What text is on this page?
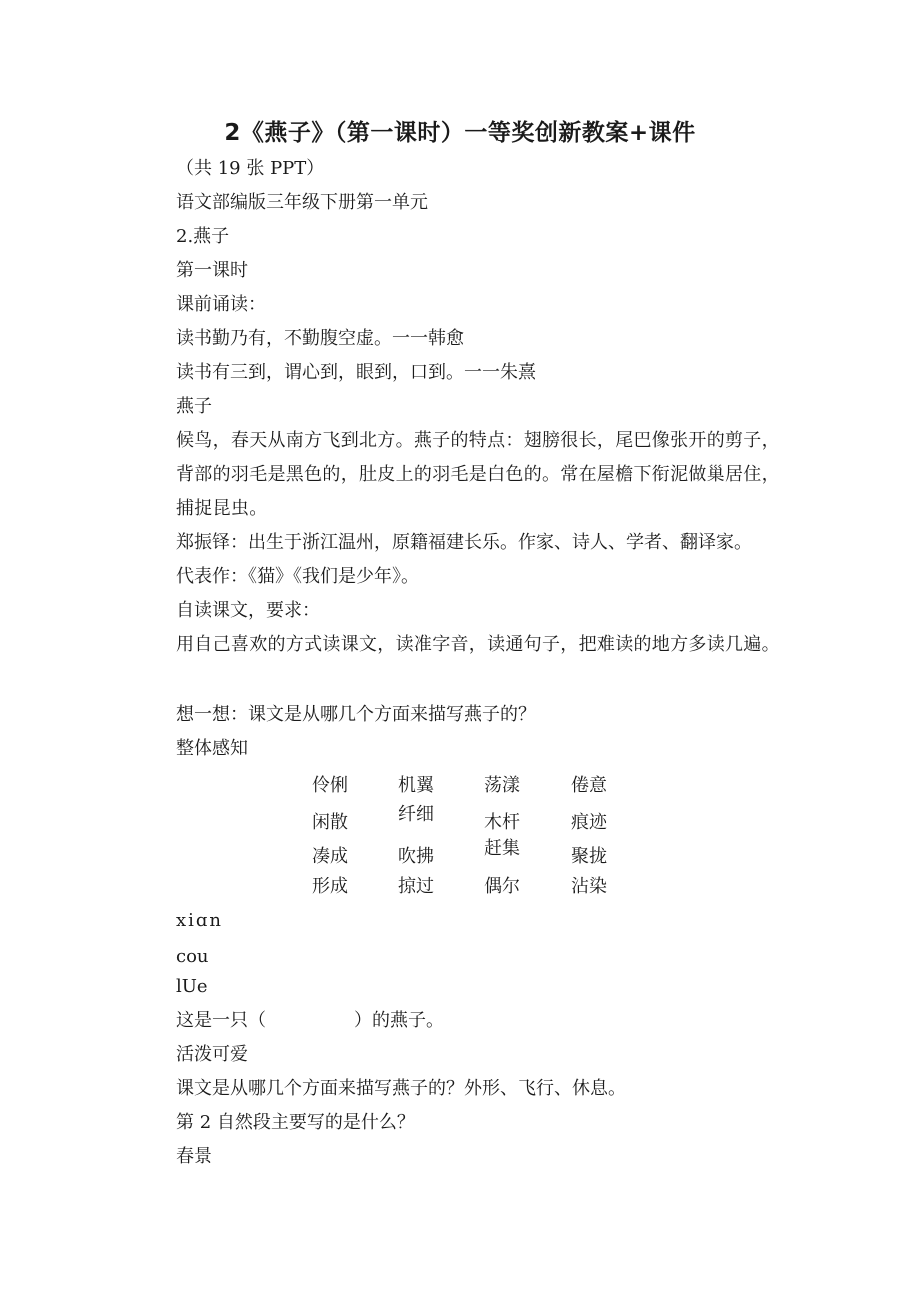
2《燕子》（第一课时）一等奖创新教案+课件
（共 19 张 PPT）
语文部编版三年级下册第一单元
2.燕子
第一课时
课前诵读：
读书勤乃有，不勤腹空虚。一一韩愈
读书有三到，谓心到，眼到，口到。一一朱熹
燕子
候鸟，春天从南方飞到北方。燕子的特点：翅膀很长，尾巴像张开的剪子，背部的羽毛是黑色的，肚皮上的羽毛是白色的。常在屋檐下衔泥做巢居住，捕捉昆虫。
郑振铎：出生于浙江温州，原籍福建长乐。作家、诗人、学者、翻译家。
代表作：《猫》《我们是少年》。
自读课文，要求：
用自己喜欢的方式读课文，读准字音，读通句子，把难读的地方多读几遍。
想一想：课文是从哪几个方面来描写燕子的？
整体感知
伶俐
闲散
凑成
形成
机翼
纤细
吹拂
掠过
荡漾
木杆
赶集
偶尔
倦意
痕迹
聚拢
沾染
xiɑn
cou
lUe
这是一只（	）的燕子。
活泼可爱
课文是从哪几个方面来描写燕子的？外形、飞行、休息。
第 2 自然段主要写的是什么？
春景
